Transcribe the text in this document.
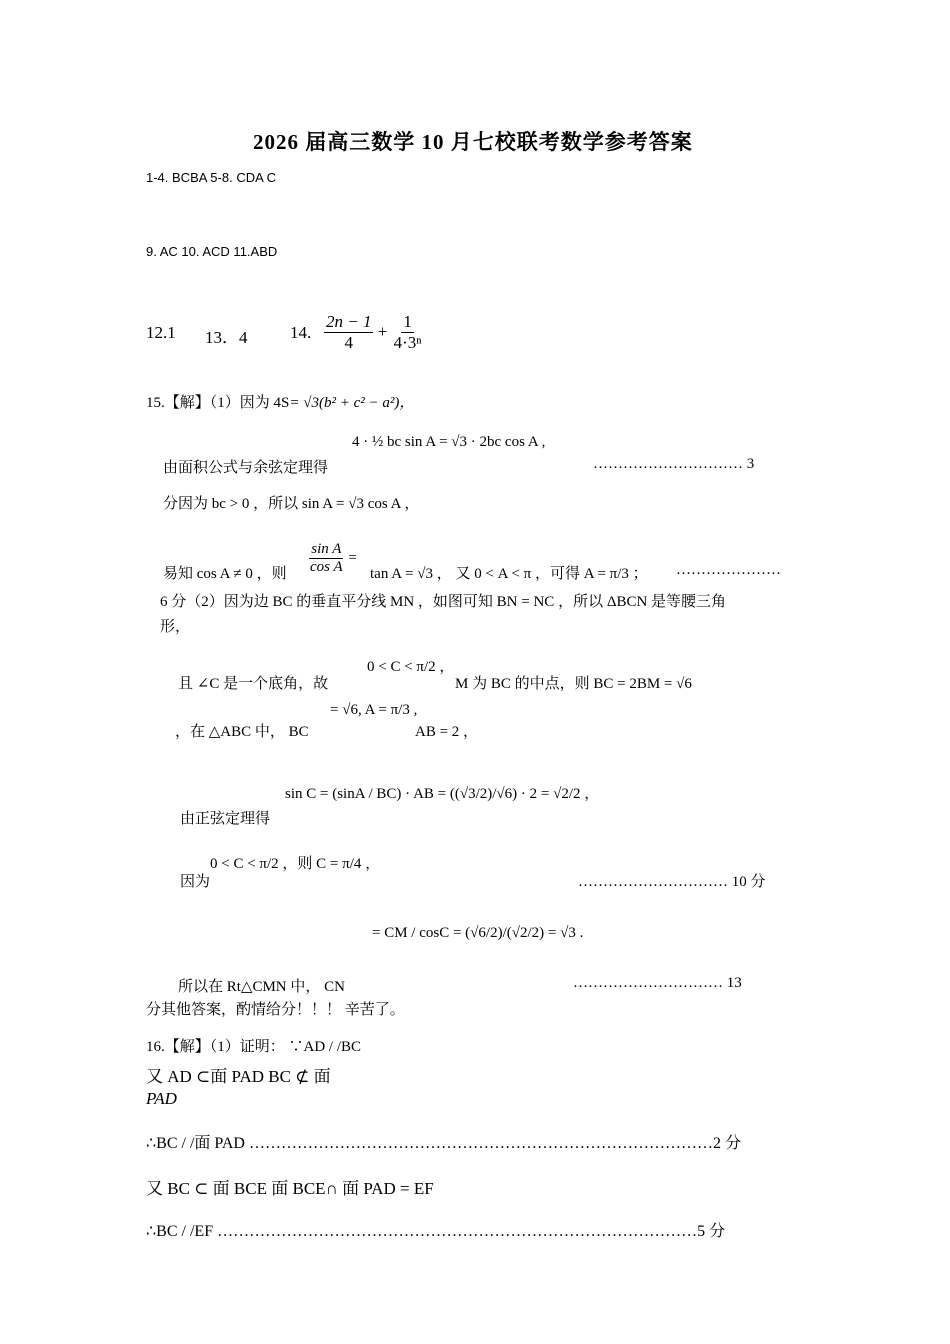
2026 届高三数学 10 月七校联考数学参考答案
1-4. BCBA 5-8. CDA C
9. AC 10. ACD 11.ABD
12.1 13．4	14. $\frac{2n - 1}{4} + \frac{1}{\text{4·3ⁿ}}$
15.【解】（1）因为 4S= √3(b² + c² − a²)，
由面积公式与余弦定理得
4 · ½ bc sin A = √3 · 2bc cos A ,
………………………… 3
分因为 bc > 0 ，所以 sin A = √3 cos A ，
易知 cos A ≠ 0 ，则 $\frac{\text{sin A}}{\text{cos A}}$ =
tan A = √3 ， 又 0 < A < π ，可得 A = π/3 ； …………………
6 分（2）因为边 BC 的垂直平分线 MN ，如图可知 BN = NC ，所以 ΔBCN 是等腰三角
形，
且 ∠C 是一个底角，故
0 < C < π/2 ，
M 为 BC 的中点，则 BC = 2BM = √6
，在 △ABC 中， BC
= √6, A = π/3 ,
AB = 2 ，
由正弦定理得
sin C = (sinA / BC) · AB = ((√3/2)/√6) · 2 = √2/2 ，
因为
0 < C < π/2 ，则 C = π/4 ，
………………………… 10 分
= CM / cosC = (√6/2)/(√2/2) = √3 .
所以在 Rt△CMN 中， CN	………………………… 13
分其他答案，酌情给分！！！ 辛苦了。
16.【解】（1）证明： ∵AD / /BC
又 AD ⊂面 PAD BC ⊄ 面
PAD
∴BC / /面 PAD ……………………………………………………………………………2 分
又 BC ⊂ 面 BCE 面 BCE∩ 面 PAD = EF
∴BC / /EF ………………………………………………………………………………5 分
